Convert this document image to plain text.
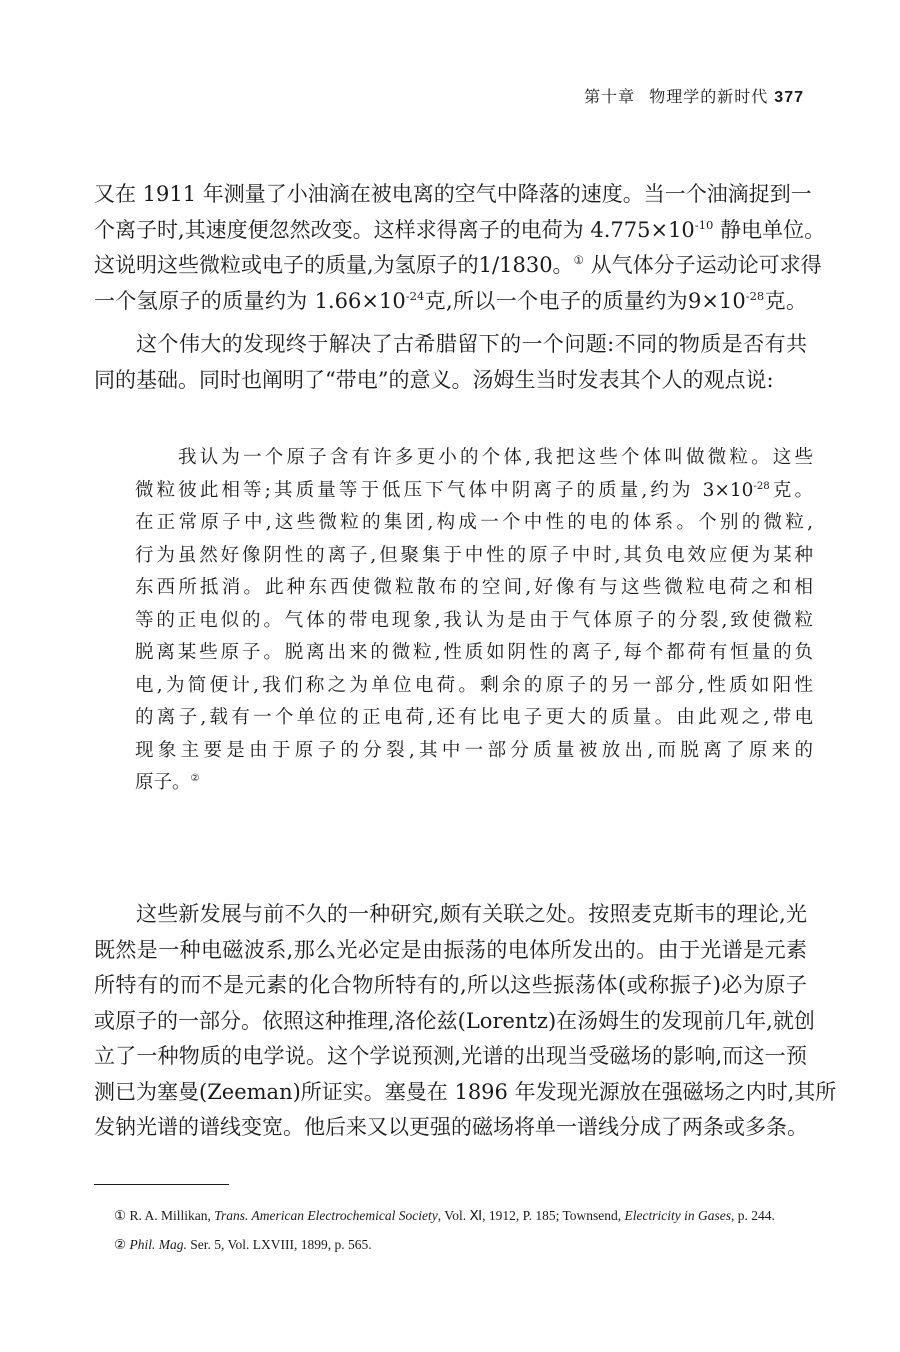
第十章 物理学的新时代 377
又在 1911 年测量了小油滴在被电离的空气中降落的速度。当一个油滴捉到一
个离子时,其速度便忽然改变。这样求得离子的电荷为 $4.775\times 10^{-10}$ 静电单位。
这说明这些微粒或电子的质量,为氢原子的1/1830。① 从气体分子运动论可求得
一个氢原子的质量约为 $1.66\times 10^{-24}$克,所以一个电子的质量约为$9\times 10^{-28}$克。
这个伟大的发现终于解决了古希腊留下的一个问题:不同的物质是否有共
同的基础。同时也阐明了“带电”的意义。汤姆生当时发表其个人的观点说:
我认为一个原子含有许多更小的个体,我把这些个体叫做微粒。这些
微粒彼此相等;其质量等于低压下气体中阴离子的质量,约为 $3\times 10^{-28}$克。
在正常原子中,这些微粒的集团,构成一个中性的电的体系。个别的微粒,
行为虽然好像阴性的离子,但聚集于中性的原子中时,其负电效应便为某种
东西所抵消。此种东西使微粒散布的空间,好像有与这些微粒电荷之和相
等的正电似的。气体的带电现象,我认为是由于气体原子的分裂,致使微粒
脱离某些原子。脱离出来的微粒,性质如阴性的离子,每个都荷有恒量的负
电,为简便计,我们称之为单位电荷。剩余的原子的另一部分,性质如阳性
的离子,载有一个单位的正电荷,还有比电子更大的质量。由此观之,带电
现象主要是由于原子的分裂,其中一部分质量被放出,而脱离了原来的
原子。②
这些新发展与前不久的一种研究,颇有关联之处。按照麦克斯韦的理论,光
既然是一种电磁波系,那么光必定是由振荡的电体所发出的。由于光谱是元素
所特有的而不是元素的化合物所特有的,所以这些振荡体(或称振子)必为原子
或原子的一部分。依照这种推理,洛伦兹(Lorentz)在汤姆生的发现前几年,就创
立了一种物质的电学说。这个学说预测,光谱的出现当受磁场的影响,而这一预
测已为塞曼(Zeeman)所证实。塞曼在 1896 年发现光源放在强磁场之内时,其所
发钠光谱的谱线变宽。他后来又以更强的磁场将单一谱线分成了两条或多条。

① R. A. Millikan, Trans. American Electrochemical Society, Vol. Ⅺ, 1912, P. 185; Townsend, Electricity in Gases, p. 244.

② Phil. Mag. Ser. 5, Vol. LXVIII, 1899, p. 565.
